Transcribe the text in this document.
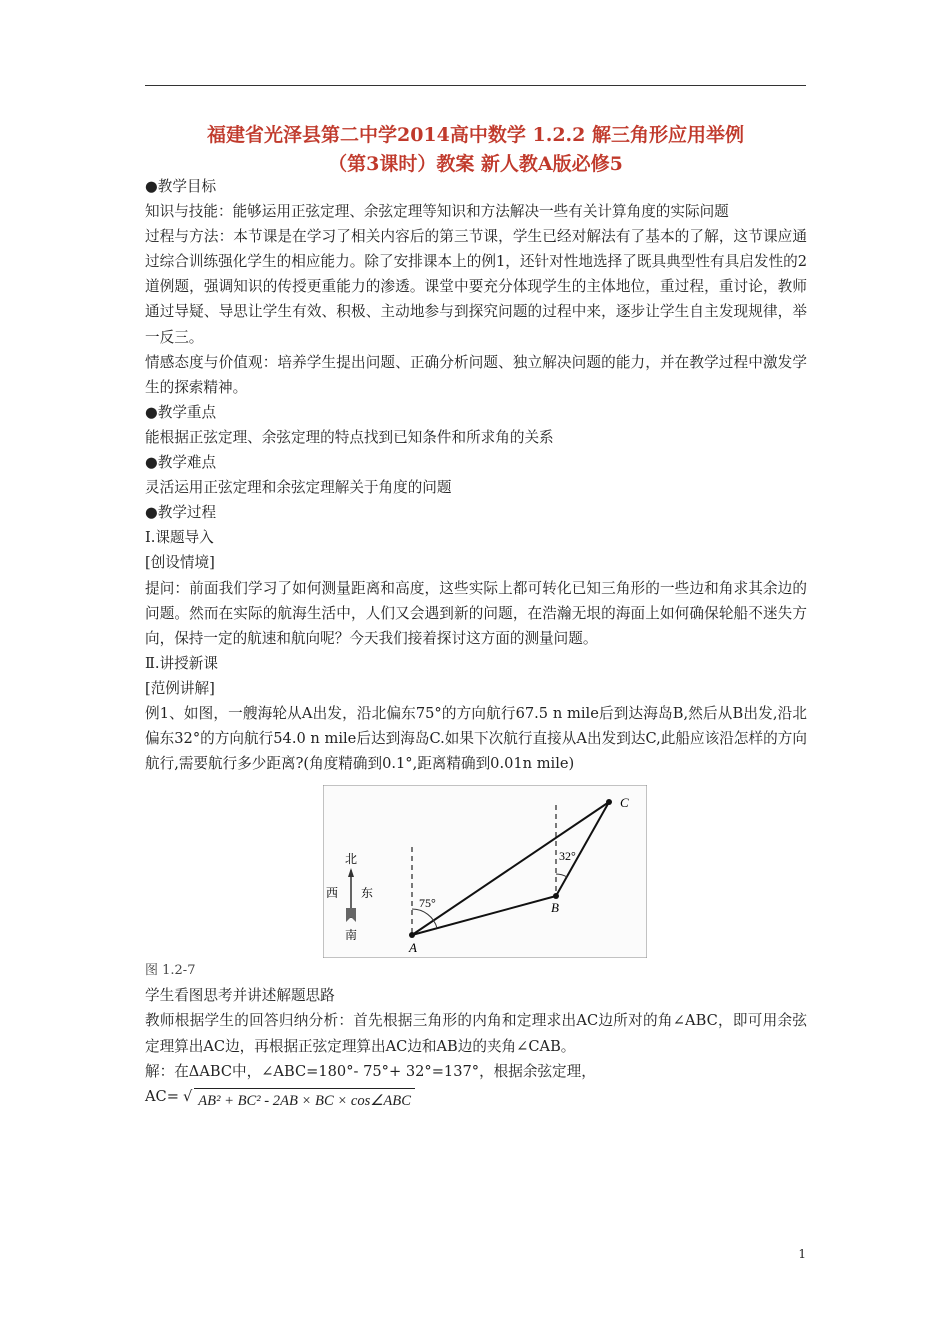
福建省光泽县第二中学2014高中数学 1.2.2 解三角形应用举例
（第3课时）教案 新人教A版必修5

●教学目标

知识与技能：能够运用正弦定理、余弦定理等知识和方法解决一些有关计算角度的实际问题

过程与方法：本节课是在学习了相关内容后的第三节课，学生已经对解法有了基本的了解，这节课应通过综合训练强化学生的相应能力。除了安排课本上的例1，还针对性地选择了既具典型性有具启发性的2道例题，强调知识的传授更重能力的渗透。课堂中要充分体现学生的主体地位，重过程，重讨论，教师通过导疑、导思让学生有效、积极、主动地参与到探究问题的过程中来，逐步让学生自主发现规律，举一反三。

情感态度与价值观：培养学生提出问题、正确分析问题、独立解决问题的能力，并在教学过程中激发学生的探索精神。

●教学重点

能根据正弦定理、余弦定理的特点找到已知条件和所求角的关系

●教学难点

灵活运用正弦定理和余弦定理解关于角度的问题

●教学过程

Ⅰ.课题导入

[创设情境]

提问：前面我们学习了如何测量距离和高度，这些实际上都可转化已知三角形的一些边和角求其余边的问题。然而在实际的航海生活中，人们又会遇到新的问题，在浩瀚无垠的海面上如何确保轮船不迷失方向，保持一定的航速和航向呢？今天我们接着探讨这方面的测量问题。

Ⅱ.讲授新课

[范例讲解]

例1、如图，一艘海轮从A出发，沿北偏东75°的方向航行67.5 n mile后到达海岛B,然后从B出发,沿北偏东32°的方向航行54.0 n mile后达到海岛C.如果下次航行直接从A出发到达C,此船应该沿怎样的方向航行,需要航行多少距离?(角度精确到0.1°,距离精确到0.01n mile)

A
B
C
75°
32°
北
西 东
南

图 1.2-7

学生看图思考并讲述解题思路

教师根据学生的回答归纳分析：首先根据三角形的内角和定理求出AC边所对的角∠ABC，即可用余弦定理算出AC边，再根据正弦定理算出AC边和AB边的夹角∠CAB。

解：在ΔABC中，∠ABC=180°- 75°+ 32°=137°，根据余弦定理，

AC= √ AB² + BC² - 2AB × BC × cos∠ABC

1
